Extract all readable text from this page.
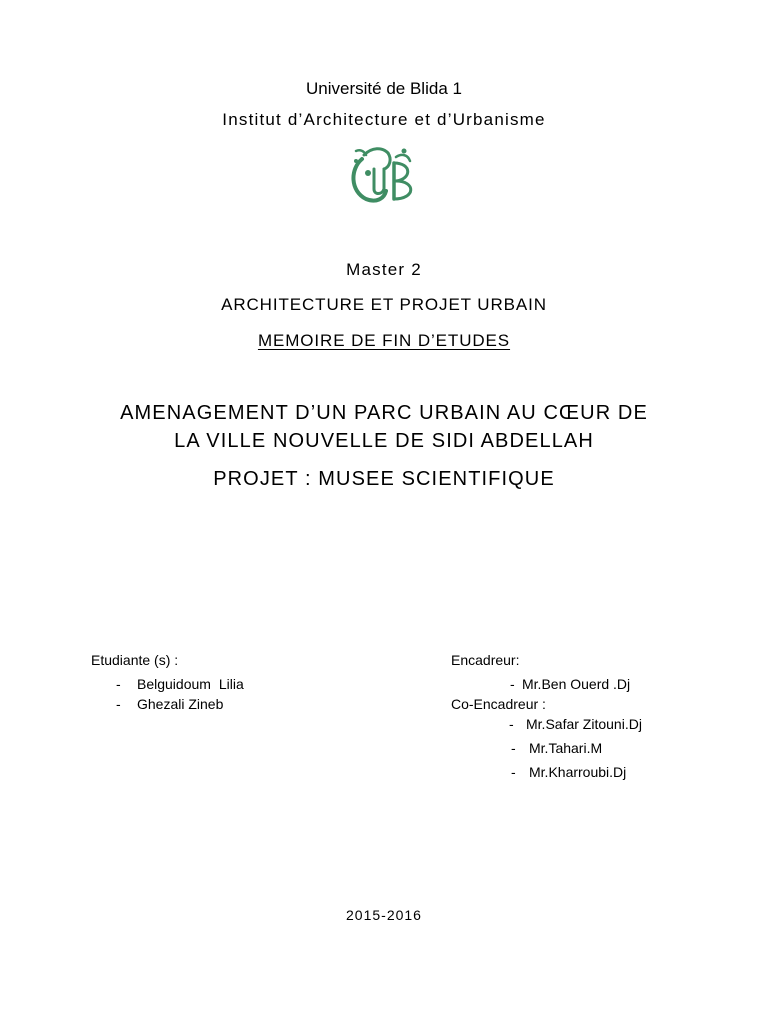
Université de Blida 1
Institut d’Architecture et d’Urbanisme
Master 2
ARCHITECTURE ET PROJET URBAIN
MEMOIRE DE FIN D’ETUDES
AMENAGEMENT D’UN PARC URBAIN AU CŒUR DE
LA VILLE NOUVELLE DE SIDI ABDELLAH
PROJET : MUSEE SCIENTIFIQUE
Etudiante (s) :
- Belguidoum Lilia
- Ghezali Zineb
Encadreur:
- Mr.Ben Ouerd .Dj
Co-Encadreur :
- Mr.Safar Zitouni.Dj
- Mr.Tahari.M
- Mr.Kharroubi.Dj
2015-2016
